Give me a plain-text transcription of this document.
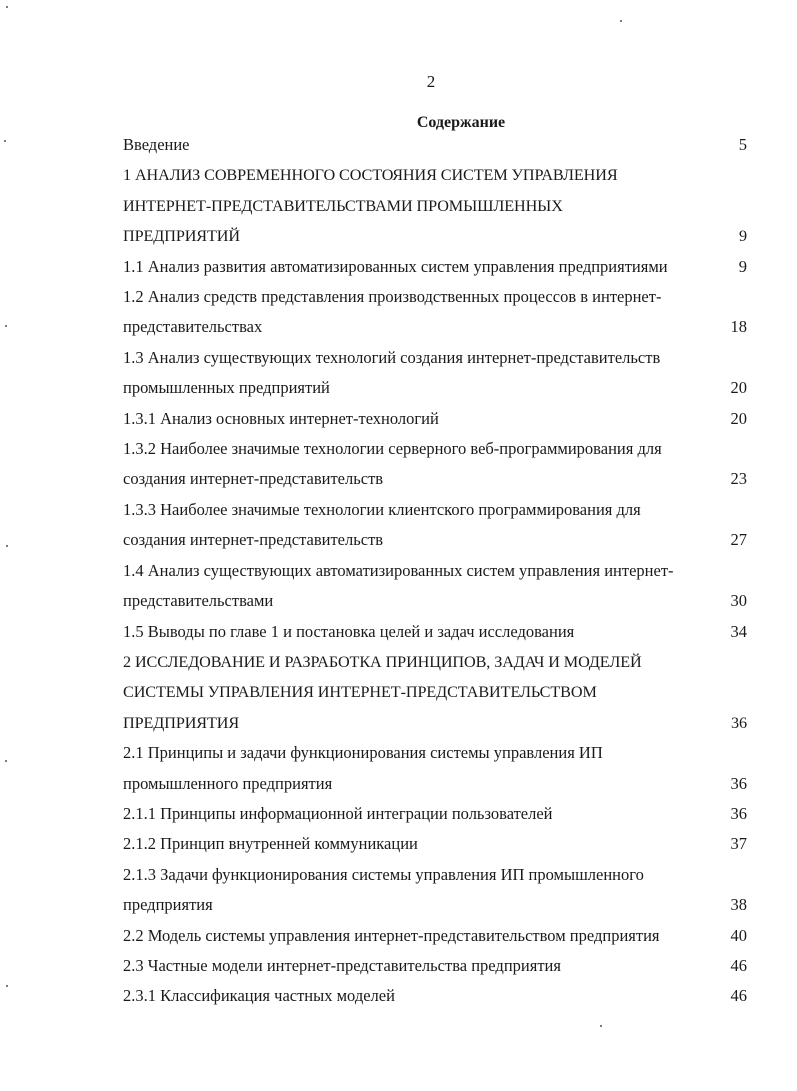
2
Содержание
Введение	5
1 АНАЛИЗ СОВРЕМЕННОГО СОСТОЯНИЯ СИСТЕМ УПРАВЛЕНИЯ
ИНТЕРНЕТ-ПРЕДСТАВИТЕЛЬСТВАМИ ПРОМЫШЛЕННЫХ
ПРЕДПРИЯТИЙ	9
1.1 Анализ развития автоматизированных систем управления предприятиями	9
1.2 Анализ средств представления производственных процессов в интернет-
представительствах	18
1.3 Анализ существующих технологий создания интернет-представительств
промышленных предприятий	20
1.3.1 Анализ основных интернет-технологий	20
1.3.2 Наиболее значимые технологии серверного веб-программирования для
создания интернет-представительств	23
1.3.3 Наиболее значимые технологии клиентского программирования для
создания интернет-представительств	27
1.4 Анализ существующих автоматизированных систем управления интернет-
представительствами	30
1.5 Выводы по главе 1 и постановка целей и задач исследования	34
2 ИССЛЕДОВАНИЕ И РАЗРАБОТКА ПРИНЦИПОВ, ЗАДАЧ И МОДЕЛЕЙ
СИСТЕМЫ УПРАВЛЕНИЯ ИНТЕРНЕТ-ПРЕДСТАВИТЕЛЬСТВОМ
ПРЕДПРИЯТИЯ	36
2.1 Принципы и задачи функционирования системы управления ИП
промышленного предприятия	36
2.1.1 Принципы информационной интеграции пользователей	36
2.1.2 Принцип внутренней коммуникации	37
2.1.3 Задачи функционирования системы управления ИП промышленного
предприятия	38
2.2 Модель системы управления интернет-представительством предприятия	40
2.3 Частные модели интернет-представительства предприятия	46
2.3.1 Классификация частных моделей	46
